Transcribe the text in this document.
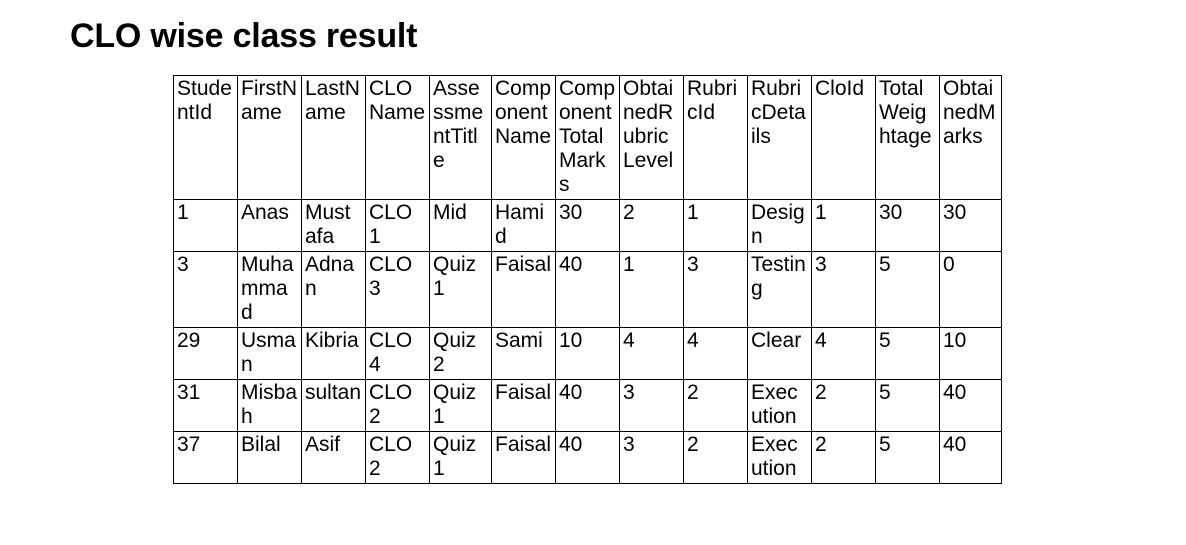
CLO wise class result
StudentId	FirstName	LastName	CLOName	AssessmentTitle	ComponentName	ComponentTotalMarks	ObtainedRubricLevel	RubricId	RubricDetails	CloId	TotalWeightage	ObtainedMarks
1	Anas	Mustafa	CLO 1	Mid	Hamid	30	2	1	Design	1	30	30
3	Muhammad	Adnan	CLO 3	Quiz 1	Faisal	40	1	3	Testing	3	5	0
29	Usman	Kibria	CLO 4	Quiz 2	Sami	10	4	4	Clear	4	5	10
31	Misbah	sultan	CLO 2	Quiz 1	Faisal	40	3	2	Execution	2	5	40
37	Bilal	Asif	CLO 2	Quiz 1	Faisal	40	3	2	Execution	2	5	40
